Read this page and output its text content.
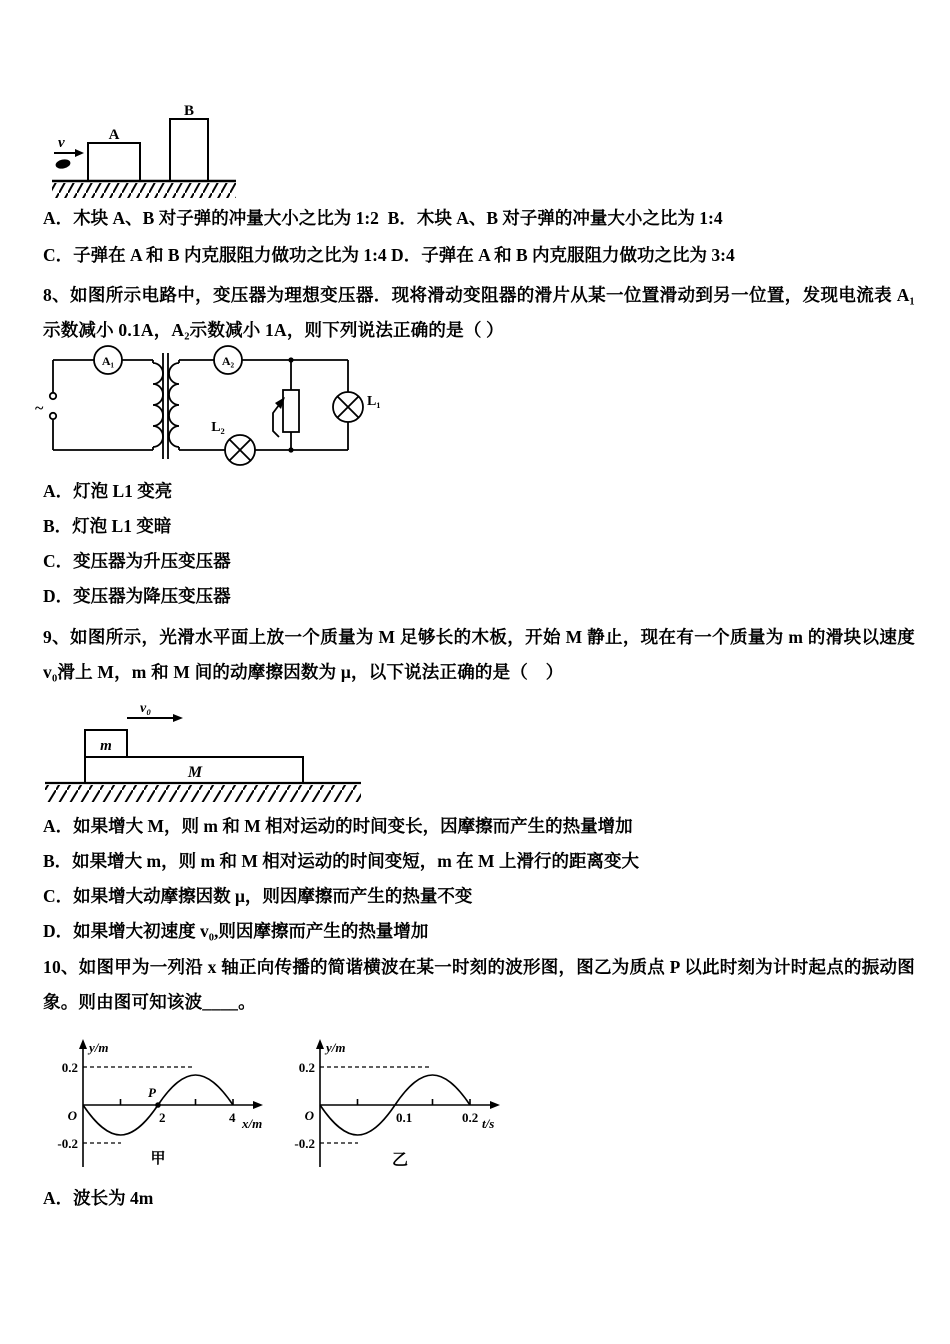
v	A
B

A．木块 A、B 对子弹的冲量大小之比为 1:2  B．木块 A、B 对子弹的冲量大小之比为 1:4

C．子弹在 A 和 B 内克服阻力做功之比为 1:4 D．子弹在 A 和 B 内克服阻力做功之比为 3:4

8、如图所示电路中，变压器为理想变压器．现将滑动变阻器的滑片从某一位置滑动到另一位置，发现电流表 A₁示数减小 0.1A，A₂示数减小 1A，则下列说法正确的是（ ）

~
A₁	A₂
L₁
L₂

A．灯泡 L1 变亮

B．灯泡 L1 变暗

C．变压器为升压变压器

D．变压器为降压变压器

9、如图所示，光滑水平面上放一个质量为 M 足够长的木板，开始 M 静止，现在有一个质量为 m 的滑块以速度 v₀滑上 M，m 和 M 间的动摩擦因数为 μ，以下说法正确的是（　）

v₀
m
M

A．如果增大 M，则 m 和 M 相对运动的时间变长，因摩擦而产生的热量增加

B．如果增大 m，则 m 和 M 相对运动的时间变短，m 在 M 上滑行的距离变大

C．如果增大动摩擦因数 μ，则因摩擦而产生的热量不变

D．如果增大初速度 v₀,则因摩擦而产生的热量增加

10、如图甲为一列沿 x 轴正向传播的简谐横波在某一时刻的波形图，图乙为质点 P 以此时刻为计时起点的振动图象。则由图可知该波____。

y/m
0.2
-0.2
O
P
2	4 x/m
甲
y/m
0.2
-0.2
O	0.1	0.2 t/s
乙

A．波长为 4m
